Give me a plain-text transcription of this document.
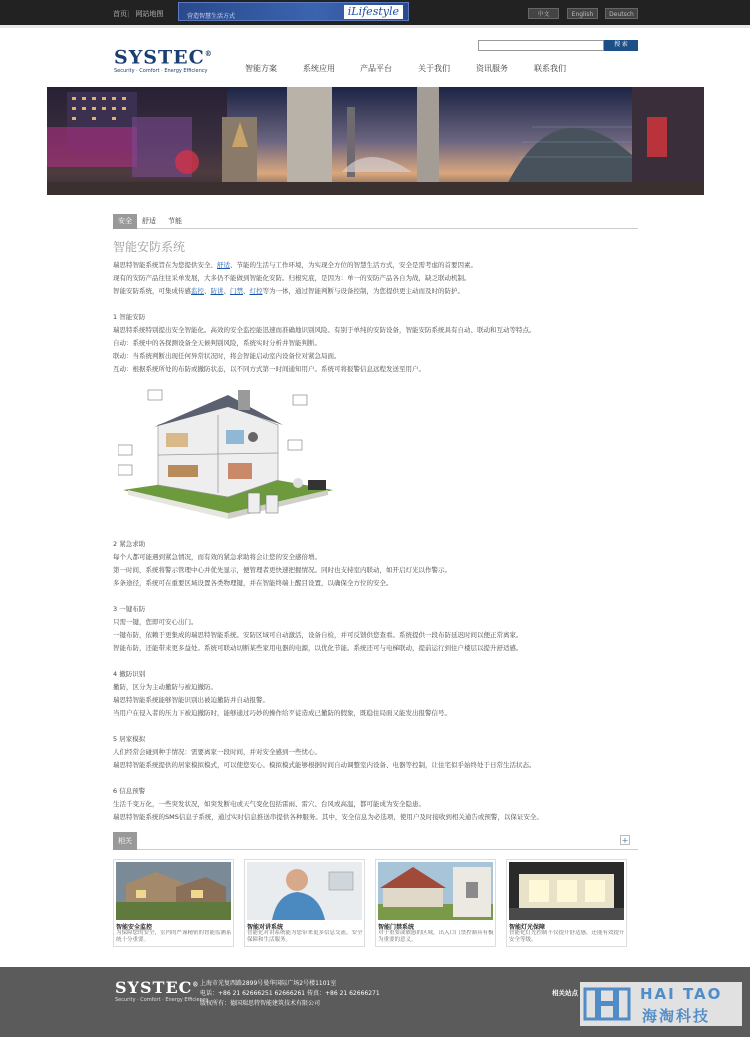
首页| 网站地图	营造智慧生活方式	iLifestyle	中文	English	Deutsch
SYSTEC®
Security · Comfort · Energy Efficiency
搜 索
智能方案	系统应用	产品平台	关于我们	资讯服务	联系我们
安全	舒适	节能
智能安防系统
瑞思特智能系统旨在为您提供安全、舒适、节能的生活与工作环境，为实现全方位的智慧生活方式，安全是需考虑的首要因素。
现有的安防产品往往采单发展，大多仍不能做到智能化安防。归根究底，是因为：单一的安防产品各自为战，缺乏联动机制。
智能安防系统，可集成传感监控、防讲、门禁、灯控等为一体，通过智能判断与设备控制，为您提供更主动而及时的防护。
1 智能安防
瑞思特系统特别提出安全智能化。高效的安全监控能迅速而准确地识别风险。有别于单纯的安防设备，智能安防系统具有自动、联动和互动等特点。
自动：系统中的各探测设备全天候判别风险，系统实时分析并智能判断。
联动：当系统判断出现任何异常状况时，将会智能启动室内设备位对紧急局面。
互动：根据系统所处的布防或撤防状态，以不同方式第一时间通知用户。系统可将报警信息远程发送至用户。
2 紧急求助
每个人都可能遇到紧急情况，而有效的紧急求助将会让您的安全感倍增。
第一时间，系统将警示管理中心并优先显示，便管理者更快速把握情况。同时也支持室内联动，如开启灯光以作警示。
多条途径，系统可在重要区域设置各类物理键，并在智能终端上醒目设置，以确保全方位的安全。
3 一键布防
只需一键，您即可安心出门。
一键布防，依赖于更集成的瑞思特智能系统。安防区域可自动激活，设备自检，并可反馈供您查看。系统提供一段布防延迟时间以便正常离家。
智能布防，还能带来更多益处。系统可联动切断某些家用电器的电源，以优化节能。系统还可与电梯联动，提前运行到住户楼层以提升舒适感。
4 撤防识别
撤防，区分为主动撤防与被迫撤防。
瑞思特智能系统能够智能识别出被迫撤防并自动报警。
当用户在侵入者的压力下被迫撤防时，能够通过巧妙的操作给歹徒造成已撤防的假象，既稳住局面又能发出报警信号。
5 居家模拟
人们经常会碰到种手情况：需要离家一段时间，并对安全感到一些忧心。
瑞思特智能系统提供的居家模拟模式，可以使您安心。模拟模式能够根据时间自动调整室内设备、电器等控制，让住宅似乎始终处于日常生活状态。
6 信息预警
生活千变万化，一些突发状况，如突发断电或天气变化包括雷雨、雷穴、台风或高温，都可能成为安全隐患。
瑞思特智能系统的SMS信息子系统，通过实时信息推送串提供各种服务。其中，安全信息为必选项，使用户及时接收到相关通告或预警，以保证安全。
相关	+
智能安全监控
为保障您的安全，室内的严谨精密的智能监测系统十分重要。
智能对讲系统
智能化对讲系统能为您带来更多信息交流、安全保障和生活服务。
智能门禁系统
对于重要或敏感的区域，出入口门禁控制具有极为重要的意义。
智能灯光保障
智能化灯光控制不仅提升舒适感，还能有效提升安全等级。
SYSTEC®
Security · Comfort · Energy Efficiency
上海市光复西路2899号曼华国际广场2号楼1101室
电话：+86 21 62666251 62666261 传真：+86 21 62666271
版权所有：德国瑞思特智能建筑技术有限公司
相关站点	HAI TAO
海淘科技
